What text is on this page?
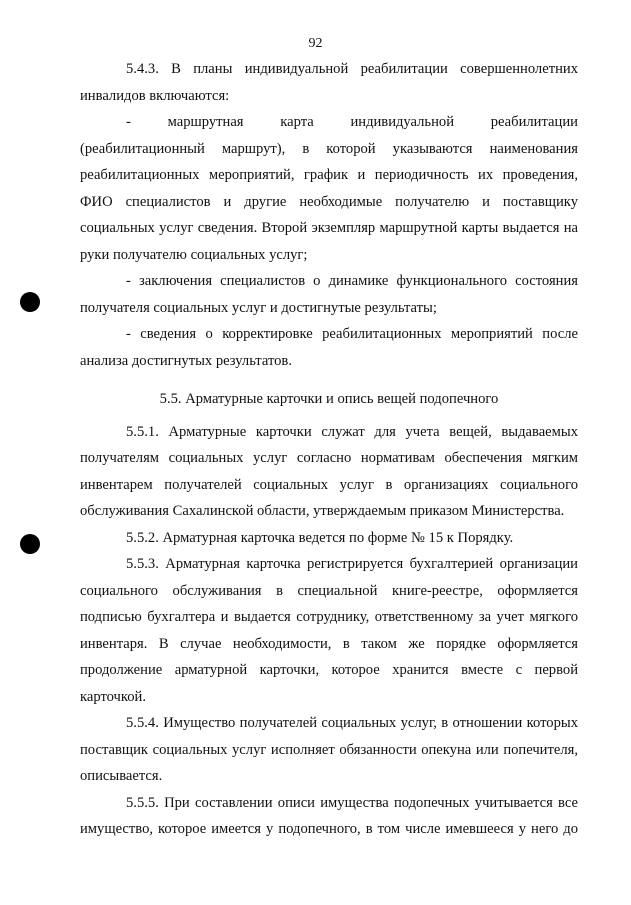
92

5.4.3. В планы индивидуальной реабилитации совершеннолетних инвалидов включаются:

-	маршрутная	карта	индивидуальной	реабилитации

(реабилитационный маршрут), в которой указываются наименования реабилитационных мероприятий, график и периодичность их проведения, ФИО специалистов и другие необходимые получателю и поставщику социальных услуг сведения. Второй экземпляр маршрутной карты выдается на руки получателю социальных услуг;

- заключения специалистов о динамике функционального состояния получателя социальных услуг и достигнутые результаты;

- сведения о корректировке реабилитационных мероприятий после анализа достигнутых результатов.

5.5. Арматурные карточки и опись вещей подопечного

5.5.1. Арматурные карточки служат для учета вещей, выдаваемых получателям социальных услуг согласно нормативам обеспечения мягким инвентарем получателей социальных услуг в организациях социального обслуживания Сахалинской области, утверждаемым приказом Министерства.

5.5.2. Арматурная карточка ведется по форме № 15 к Порядку.

5.5.3. Арматурная карточка регистрируется бухгалтерией организации социального обслуживания в специальной книге-реестре, оформляется подписью бухгалтера и выдается сотруднику, ответственному за учет мягкого инвентаря. В случае необходимости, в таком же порядке оформляется продолжение арматурной карточки, которое хранится вместе с первой карточкой.

5.5.4. Имущество получателей социальных услуг, в отношении которых поставщик социальных услуг исполняет обязанности опекуна или попечителя, описывается.

5.5.5. При составлении описи имущества подопечных учитывается все имущество, которое имеется у подопечного, в том числе имевшееся у него до
